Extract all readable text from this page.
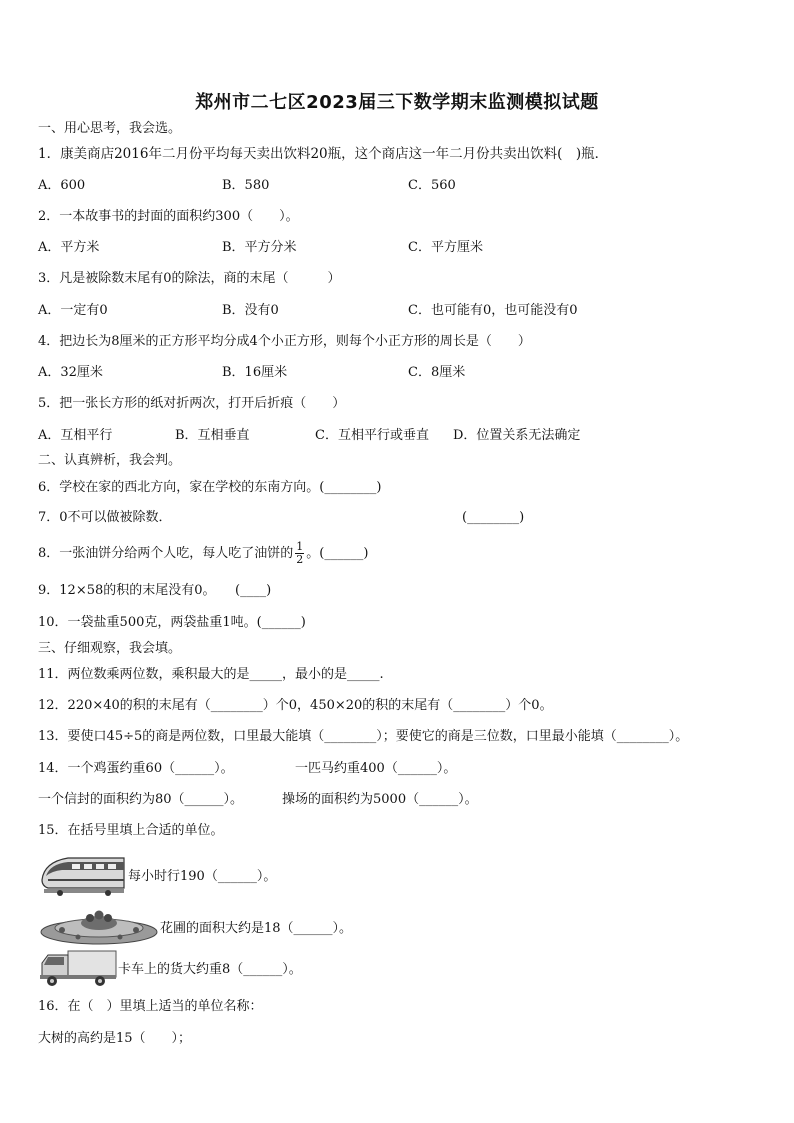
郑州市二七区2023届三下数学期末监测模拟试题
一、用心思考，我会选。
1．康美商店2016年二月份平均每天卖出饮料20瓶，这个商店这一年二月份共卖出饮料(　)瓶．
A．600	B．580	C．560
2．一本故事书的封面的面积约300（　　）。
A．平方米	B．平方分米	C．平方厘米
3．凡是被除数末尾有0的除法，商的末尾（　　　）
A．一定有0	B．没有0	C．也可能有0，也可能没有0
4．把边长为8厘米的正方形平均分成4个小正方形，则每个小正方形的周长是（　　）
A．32厘米	B．16厘米	C．8厘米
5．把一张长方形的纸对折两次，打开后折痕（　　）
A．互相平行	B．互相垂直	C．互相平行或垂直 D．位置关系无法确定
二、认真辨析，我会判。
6．学校在家的西北方向，家在学校的东南方向。(________)
7．0不可以做被除数．	(________)
8．一张油饼分给两个人吃，每人吃了油饼的 $\frac{1}{2}$ 。(______)
9．12×58的积的末尾没有0。　　(____)
10．一袋盐重500克，两袋盐重1吨。(______)
三、仔细观察，我会填。
11．两位数乘两位数，乘积最大的是_____，最小的是_____.
12．220×40的积的末尾有（________）个0，450×20的积的末尾有（________）个0。
13．要使口45÷5的商是两位数，口里最大能填（________）；要使它的商是三位数，口里最小能填（________）。
14．一个鸡蛋约重60（______）。	一匹马约重400（______）。
一个信封的面积约为80（______）。	操场的面积约为5000（______）。
15．在括号里填上合适的单位。
每小时行190（______）。
花圃的面积大约是18（______）。
卡车上的货大约重8（______）。
16．在（　）里填上适当的单位名称：
大树的高约是15（　　）；
